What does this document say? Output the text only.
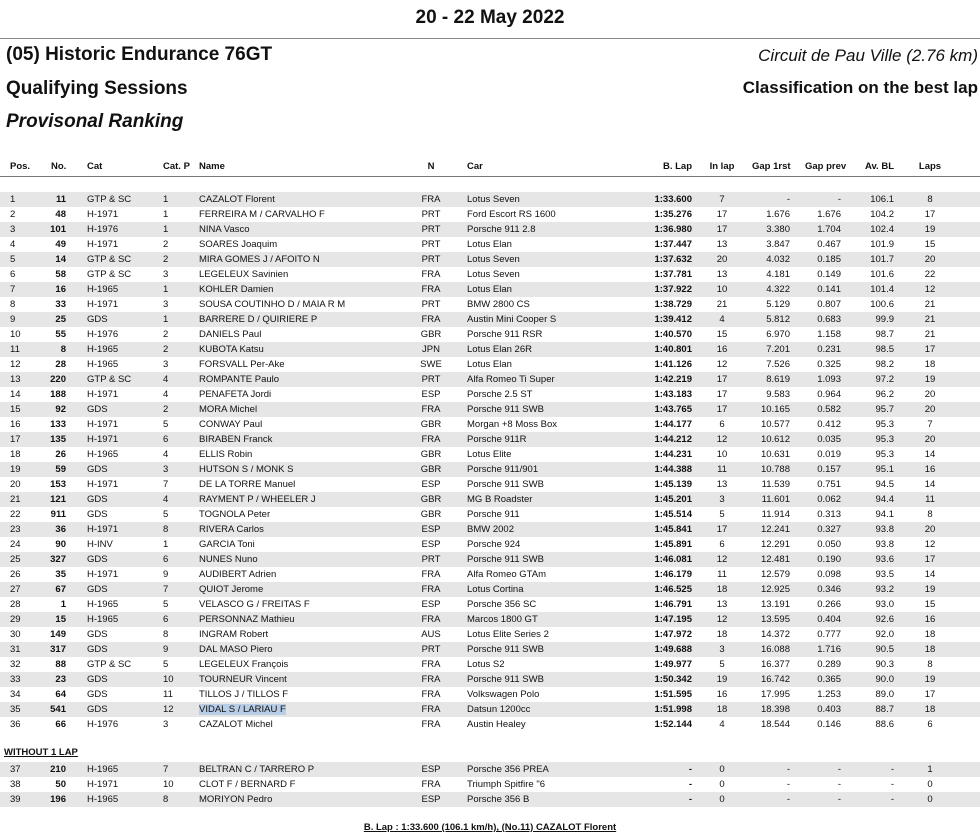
20 - 22 May 2022
(05) Historic Endurance 76GT
Qualifying Sessions
Provisonal Ranking
Circuit de Pau Ville (2.76 km)
Classification on the best lap
Pos. No.	Cat	Cat. P Name	N	Car	B. Lap In lap Gap 1rst Gap prev	Av. BL	Laps
1	11 GTP & SC	1	CAZALOT Florent	FRA	Lotus Seven	1:33.600	7	-	-	106.1	8
2	48 H-1971	1	FERREIRA M / CARVALHO F	PRT	Ford Escort RS 1600	1:35.276	17	1.676	1.676	104.2	17
3	101 H-1976	1	NINA Vasco	PRT	Porsche 911 2.8	1:36.980	17	3.380	1.704	102.4	19
4	49 H-1971	2	SOARES Joaquim	PRT	Lotus Elan	1:37.447	13	3.847	0.467	101.9	15
5	14 GTP & SC	2	MIRA GOMES J / AFOITO N	PRT	Lotus Seven	1:37.632	20	4.032	0.185	101.7	20
6	58 GTP & SC	3	LEGELEUX Savinien	FRA	Lotus Seven	1:37.781	13	4.181	0.149	101.6	22
7	16 H-1965	1	KOHLER Damien	FRA	Lotus Elan	1:37.922	10	4.322	0.141	101.4	12
8	33 H-1971	3	SOUSA COUTINHO D / MAIA R M	PRT	BMW 2800 CS	1:38.729	21	5.129	0.807	100.6	21
9	25 GDS	1	BARRERE D / QUIRIERE P	FRA	Austin Mini Cooper S	1:39.412	4	5.812	0.683	99.9	21
10	55 H-1976	2	DANIELS Paul	GBR	Porsche 911 RSR	1:40.570	15	6.970	1.158	98.7	21
11	8 H-1965	2	KUBOTA Katsu	JPN	Lotus Elan 26R	1:40.801	16	7.201	0.231	98.5	17
12	28 H-1965	3	FORSVALL Per-Ake	SWE	Lotus Elan	1:41.126	12	7.526	0.325	98.2	18
13	220 GTP & SC	4	ROMPANTE Paulo	PRT	Alfa Romeo Ti Super	1:42.219	17	8.619	1.093	97.2	19
14	188 H-1971	4	PENAFETA Jordi	ESP	Porsche 2.5 ST	1:43.183	17	9.583	0.964	96.2	20
15	92 GDS	2	MORA Michel	FRA	Porsche 911 SWB	1:43.765	17	10.165	0.582	95.7	20
16	133 H-1971	5	CONWAY Paul	GBR	Morgan +8 Moss Box	1:44.177	6	10.577	0.412	95.3	7
17	135 H-1971	6	BIRABEN Franck	FRA	Porsche 911R	1:44.212	12	10.612	0.035	95.3	20
18	26 H-1965	4	ELLIS Robin	GBR	Lotus Elite	1:44.231	10	10.631	0.019	95.3	14
19	59 GDS	3	HUTSON S / MONK S	GBR	Porsche 911/901	1:44.388	11	10.788	0.157	95.1	16
20	153 H-1971	7	DE LA TORRE Manuel	ESP	Porsche 911 SWB	1:45.139	13	11.539	0.751	94.5	14
21	121 GDS	4	RAYMENT P / WHEELER J	GBR	MG B Roadster	1:45.201	3	11.601	0.062	94.4	11
22	911 GDS	5	TOGNOLA Peter	GBR	Porsche 911	1:45.514	5	11.914	0.313	94.1	8
23	36 H-1971	8	RIVERA Carlos	ESP	BMW 2002	1:45.841	17	12.241	0.327	93.8	20
24	90 H-INV	1	GARCIA Toni	ESP	Porsche 924	1:45.891	6	12.291	0.050	93.8	12
25	327 GDS	6	NUNES Nuno	PRT	Porsche 911 SWB	1:46.081	12	12.481	0.190	93.6	17
26	35 H-1971	9	AUDIBERT Adrien	FRA	Alfa Romeo GTAm	1:46.179	11	12.579	0.098	93.5	14
27	67 GDS	7	QUIOT Jerome	FRA	Lotus Cortina	1:46.525	18	12.925	0.346	93.2	19
28	1 H-1965	5	VELASCO G / FREITAS F	ESP	Porsche 356 SC	1:46.791	13	13.191	0.266	93.0	15
29	15 H-1965	6	PERSONNAZ Mathieu	FRA	Marcos 1800 GT	1:47.195	12	13.595	0.404	92.6	16
30	149 GDS	8	INGRAM Robert	AUS	Lotus Elite Series 2	1:47.972	18	14.372	0.777	92.0	18
31	317 GDS	9	DAL MASO Piero	PRT	Porsche 911 SWB	1:49.688	3	16.088	1.716	90.5	18
32	88 GTP & SC	5	LEGELEUX François	FRA	Lotus S2	1:49.977	5	16.377	0.289	90.3	8
33	23 GDS	10	TOURNEUR Vincent	FRA	Porsche 911 SWB	1:50.342	19	16.742	0.365	90.0	19
34	64 GDS	11	TILLOS J / TILLOS F	FRA	Volkswagen Polo	1:51.595	16	17.995	1.253	89.0	17
35	541 GDS	12	VIDAL S / LARIAU F	FRA	Datsun 1200cc	1:51.998	18	18.398	0.403	88.7	18
36	66 H-1976	3	CAZALOT Michel	FRA	Austin Healey	1:52.144	4	18.544	0.146	88.6	6
WITHOUT 1 LAP
37	210 H-1965	7	BELTRAN C / TARRERO P	ESP	Porsche 356 PREA	-	0	-	-	-	1
38	50 H-1971	10	CLOT F / BERNARD F	FRA	Triumph Spitfire "6	-	0	-	-	-	0
39	196 H-1965	8	MORIYON Pedro	ESP	Porsche 356 B	-	0	-	-	-	0
B. Lap : 1:33.600 (106.1 km/h), (No.11) CAZALOT Florent
